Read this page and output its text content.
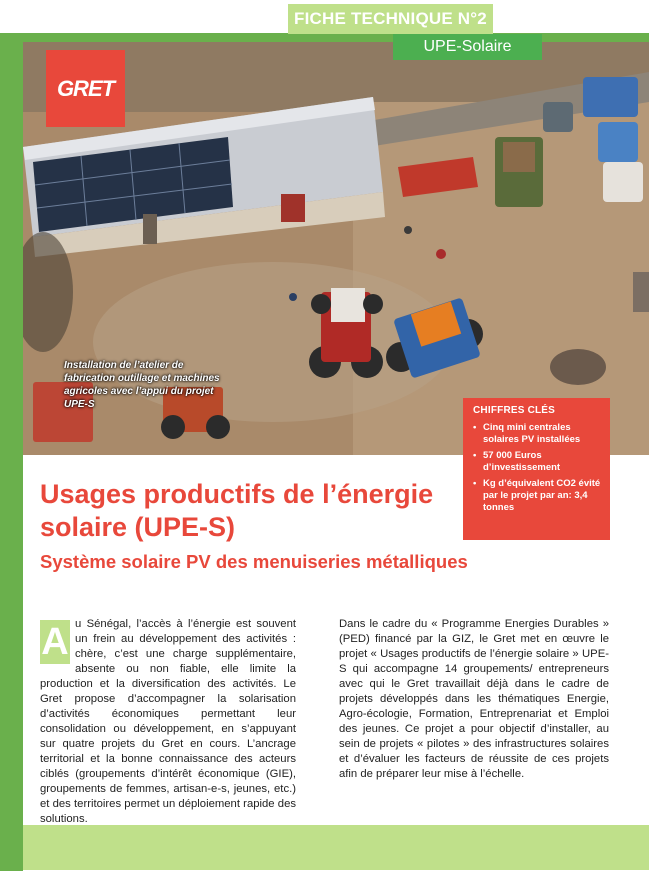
FICHE TECHNIQUE N°2
UPE-Solaire
GRET
Installation de l’atelier de fabrication outillage et machines agricoles avec l’appui du projet UPE-S
CHIFFRES CLÉS
• Cinq mini centrales solaires PV installées
• 57 000 Euros d’investissement
• Kg d’équivalent CO2 évité par le projet par an: 3,4 tonnes
Usages productifs de l’énergie solaire (UPE-S)
Système solaire PV des menuiseries métalliques
A u Sénégal, l’accès à l’énergie est souvent un frein au développement des activités : chère, c’est une charge supplémentaire, absente ou non fiable, elle limite la production et la diversification des activités. Le Gret propose d’accompagner la solarisation d’activités économiques permettant leur consolidation ou développement, en s’appuyant sur quatre projets du Gret en cours. L’ancrage territorial et la bonne connaissance des acteurs ciblés (groupements d’intérêt économique (GIE), groupements de femmes, artisan-e-s, jeunes, etc.) et des territoires permet un déploiement rapide des solutions.

Dans le cadre du « Programme Energies Durables » (PED) financé par la GIZ, le Gret met en œuvre le projet « Usages productifs de l’énergie solaire » UPE-S qui accompagne 14 groupements/ entrepreneurs avec qui le Gret travaillait déjà dans le cadre de projets développés dans les thématiques Energie, Agro-écologie, Formation, Entreprenariat et Emploi des jeunes. Ce projet a pour objectif d’installer, au sein de projets « pilotes » des infrastructures solaires et d’évaluer les facteurs de réussite de ces projets afin de préparer leur mise à l’échelle.
